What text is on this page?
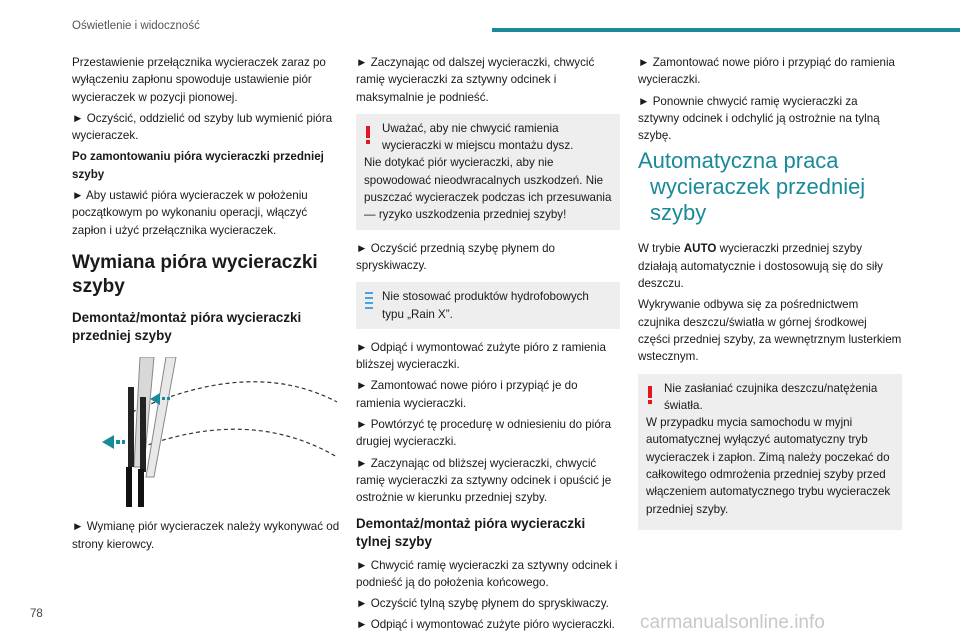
Oświetlenie i widoczność

Przestawienie przełącznika wycieraczek zaraz po wyłączeniu zapłonu spowoduje ustawienie piór wycieraczek w pozycji pionowej.

► Oczyścić, oddzielić od szyby lub wymienić pióra wycieraczek.

Po zamontowaniu pióra wycieraczki przedniej szyby

► Aby ustawić pióra wycieraczek w położeniu początkowym po wykonaniu operacji, włączyć zapłon i użyć przełącznika wycieraczek.

Wymiana pióra wycieraczki szyby
Demontaż/montaż pióra wycieraczki przedniej szyby

► Wymianę piór wycieraczek należy wykonywać od strony kierowcy.

► Zaczynając od dalszej wycieraczki, chwycić ramię wycieraczki za sztywny odcinek i maksymalnie je podnieść.

Uważać, aby nie chwycić ramienia wycieraczki w miejscu montażu dysz.
Nie dotykać piór wycieraczki, aby nie spowodować nieodwracalnych uszkodzeń. Nie puszczać wycieraczek podczas ich przesuwania — ryzyko uszkodzenia przedniej szyby!

► Oczyścić przednią szybę płynem do spryskiwaczy.

Nie stosować produktów hydrofobowych typu „Rain X”.

► Odpiąć i wymontować zużyte pióro z ramienia bliższej wycieraczki.

► Zamontować nowe pióro i przypiąć je do ramienia wycieraczki.

► Powtórzyć tę procedurę w odniesieniu do pióra drugiej wycieraczki.

► Zaczynając od bliższej wycieraczki, chwycić ramię wycieraczki za sztywny odcinek i opuścić je ostrożnie w kierunku przedniej szyby.

Demontaż/montaż pióra wycieraczki tylnej szyby

► Chwycić ramię wycieraczki za sztywny odcinek i podnieść ją do położenia końcowego.

► Oczyścić tylną szybę płynem do spryskiwaczy.

► Odpiąć i wymontować zużyte pióro wycieraczki.

► Zamontować nowe pióro i przypiąć do ramienia wycieraczki.

► Ponownie chwycić ramię wycieraczki za sztywny odcinek i odchylić ją ostrożnie na tylną szybę.

Automatyczna praca
wycieraczek przedniej
szyby

W trybie AUTO wycieraczki przedniej szyby działają automatycznie i dostosowują się do siły deszczu.

Wykrywanie odbywa się za pośrednictwem czujnika deszczu/światła w górnej środkowej części przedniej szyby, za wewnętrznym lusterkiem wstecznym.

Nie zasłaniać czujnika deszczu/natężenia światła.
W przypadku mycia samochodu w myjni automatycznej wyłączyć automatyczny tryb wycieraczek i zapłon. Zimą należy poczekać do całkowitego odmrożenia przedniej szyby przed włączeniem automatycznego trybu wycieraczek przedniej szyby.
78	carmanualsonline.info
